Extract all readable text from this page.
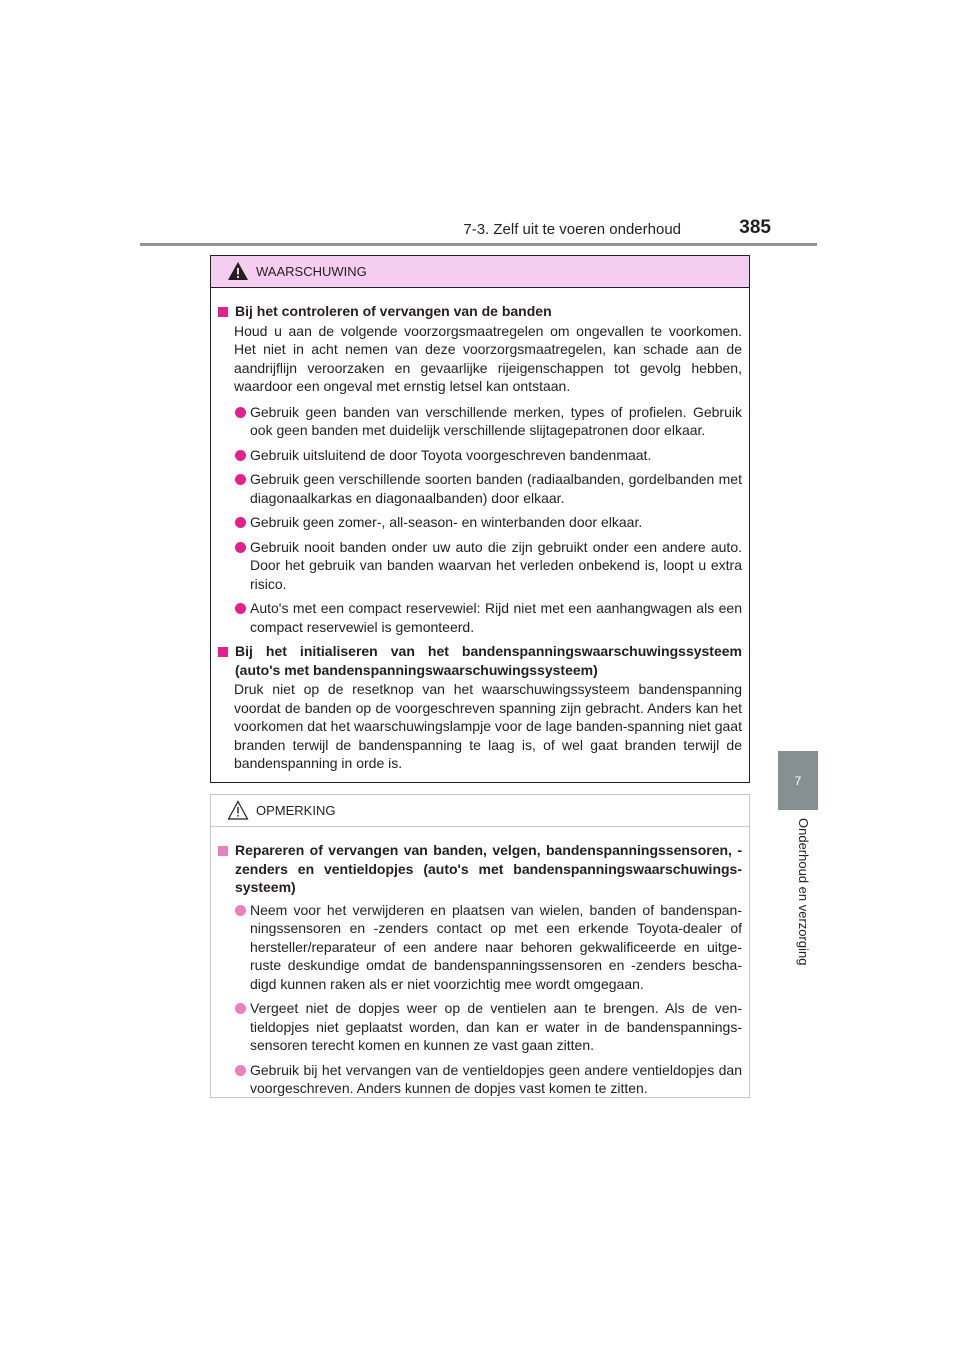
7-3. Zelf uit te voeren onderhoud	385
7
Onderhoud en verzorging
WAARSCHUWING
Bij het controleren of vervangen van de banden
Houd u aan de volgende voorzorgsmaatregelen om ongevallen te voorkomen. Het niet in acht nemen van deze voorzorgsmaatregelen, kan schade aan de aandrijflijn veroorzaken en gevaarlijke rijeigenschappen tot gevolg hebben, waardoor een ongeval met ernstig letsel kan ontstaan.
Gebruik geen banden van verschillende merken, types of profielen. Gebruik ook geen banden met duidelijk verschillende slijtagepatronen door elkaar.
Gebruik uitsluitend de door Toyota voorgeschreven bandenmaat.
Gebruik geen verschillende soorten banden (radiaalbanden, gordelbanden met diagonaalkarkas en diagonaalbanden) door elkaar.
Gebruik geen zomer-, all-season- en winterbanden door elkaar.
Gebruik nooit banden onder uw auto die zijn gebruikt onder een andere auto. Door het gebruik van banden waarvan het verleden onbekend is, loopt u extra risico.
Auto's met een compact reservewiel: Rijd niet met een aanhangwagen als een compact reservewiel is gemonteerd.
Bij het initialiseren van het bandenspanningswaarschuwingssysteem (auto's met bandenspanningswaarschuwingssysteem)
Druk niet op de resetknop van het waarschuwingssysteem bandenspanning voordat de banden op de voorgeschreven spanning zijn gebracht. Anders kan het voorkomen dat het waarschuwingslampje voor de lage banden-spanning niet gaat branden terwijl de bandenspanning te laag is, of wel gaat branden terwijl de bandenspanning in orde is.
OPMERKING
Repareren of vervangen van banden, velgen, bandenspanningssensoren, -zenders en ventieldopjes (auto's met bandenspanningswaarschuwings-systeem)
Neem voor het verwijderen en plaatsen van wielen, banden of bandenspan-ningssensoren en -zenders contact op met een erkende Toyota-dealer of hersteller/reparateur of een andere naar behoren gekwalificeerde en uitge-ruste deskundige omdat de bandenspanningssensoren en -zenders bescha-digd kunnen raken als er niet voorzichtig mee wordt omgegaan.
Vergeet niet de dopjes weer op de ventielen aan te brengen. Als de ven-tieldopjes niet geplaatst worden, dan kan er water in de bandenspannings-sensoren terecht komen en kunnen ze vast gaan zitten.
Gebruik bij het vervangen van de ventieldopjes geen andere ventieldopjes dan voorgeschreven. Anders kunnen de dopjes vast komen te zitten.
